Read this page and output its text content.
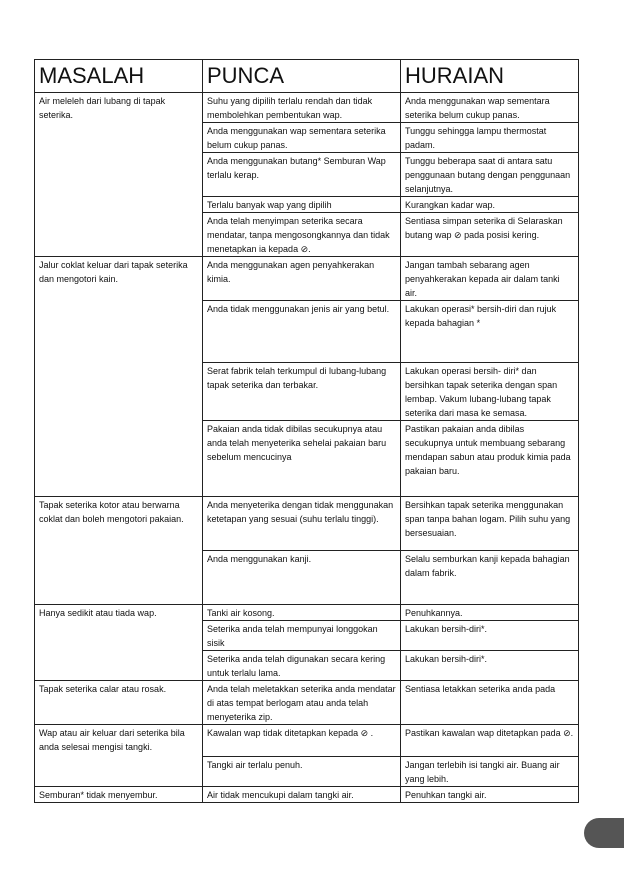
MASALAH	PUNCA	HURAIAN
Air meleleh dari lubang di tapak seterika.	Suhu yang dipilih terlalu rendah dan tidak membolehkan pembentukan wap.	Anda menggunakan wap sementara seterika belum cukup panas.
	Anda menggunakan wap sementara seterika belum cukup panas.	Tunggu sehingga lampu thermostat padam.
	Anda menggunakan butang* Semburan Wap terlalu kerap.	Tunggu beberapa saat di antara satu penggunaan butang dengan penggunaan selanjutnya.
	Terlalu banyak wap yang dipilih	Kurangkan kadar wap.
	Anda telah menyimpan seterika secara mendatar, tanpa mengosongkannya dan tidak menetapkan ia kepada ⊘.	Sentiasa simpan seterika di Selaraskan butang wap ⊘ pada posisi kering.
Jalur coklat keluar dari tapak seterika dan mengotori kain.	Anda menggunakan agen penyahkerakan kimia.	Jangan tambah sebarang agen penyahkerakan kepada air dalam tanki air.
	Anda tidak menggunakan jenis air yang betul.	Lakukan operasi* bersih-diri dan rujuk kepada bahagian *
	Serat fabrik telah terkumpul di lubang-lubang tapak seterika dan terbakar.	Lakukan operasi bersih- diri* dan bersihkan tapak seterika dengan span lembap. Vakum lubang-lubang tapak seterika dari masa ke semasa.
	Pakaian anda tidak dibilas secukupnya atau anda telah menyeterika sehelai pakaian baru sebelum mencucinya	Pastikan pakaian anda dibilas secukupnya untuk membuang sebarang mendapan sabun atau produk kimia pada pakaian baru.
Tapak seterika kotor atau berwarna coklat dan boleh mengotori pakaian.	Anda menyeterika dengan tidak menggunakan ketetapan yang sesuai (suhu terlalu tinggi).	Bersihkan tapak seterika menggunakan span tanpa bahan logam. Pilih suhu yang bersesuaian.
	Anda menggunakan kanji.	Selalu semburkan kanji kepada bahagian dalam fabrik.
Hanya sedikit atau tiada wap.	Tanki air kosong.	Penuhkannya.
	Seterika anda telah mempunyai longgokan sisik	Lakukan bersih-diri*.
	Seterika anda telah digunakan secara kering untuk terlalu lama.	Lakukan bersih-diri*.
Tapak seterika calar atau rosak.	Anda telah meletakkan seterika anda mendatar di atas tempat berlogam atau anda telah menyeterika zip.	Sentiasa letakkan seterika anda pada
Wap atau air keluar dari seterika bila anda selesai mengisi tangki.	Kawalan wap tidak ditetapkan kepada ⊘ .	Pastikan kawalan wap ditetapkan pada ⊘.
	Tangki air terlalu penuh.	Jangan terlebih isi tangki air. Buang air yang lebih.
Semburan* tidak menyembur.	Air tidak mencukupi dalam tangki air.	Penuhkan tangki air.
